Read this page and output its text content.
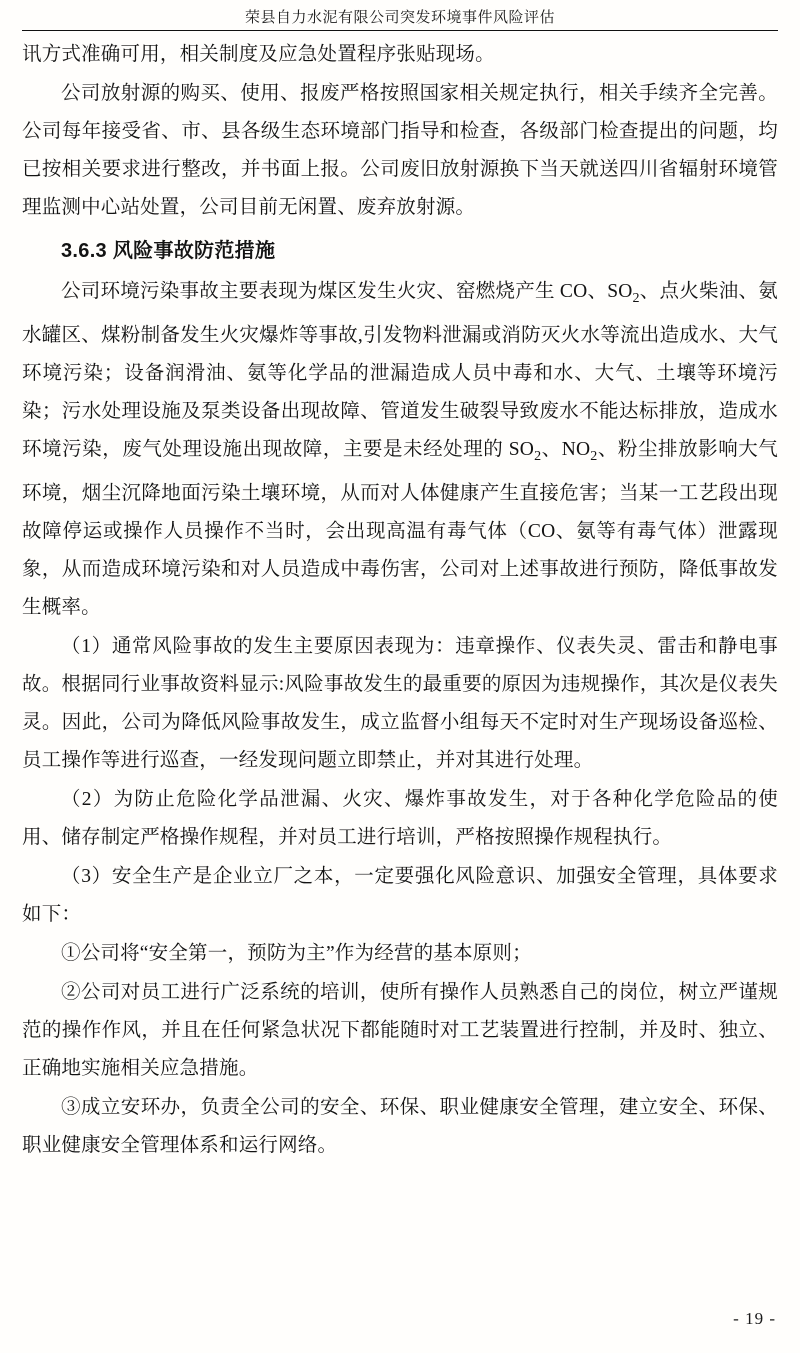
荣县自力水泥有限公司突发环境事件风险评估

讯方式准确可用，相关制度及应急处置程序张贴现场。

公司放射源的购买、使用、报废严格按照国家相关规定执行，相关手续齐全完善。公司每年接受省、市、县各级生态环境部门指导和检查，各级部门检查提出的问题，均已按相关要求进行整改，并书面上报。公司废旧放射源换下当天就送四川省辐射环境管理监测中心站处置，公司目前无闲置、废弃放射源。

3.6.3 风险事故防范措施

公司环境污染事故主要表现为煤区发生火灾、窑燃烧产生 CO、$SO_2$、点火柴油、氨水罐区、煤粉制备发生火灾爆炸等事故,引发物料泄漏或消防灭火水等流出造成水、大气环境污染；设备润滑油、氨等化学品的泄漏造成人员中毒和水、大气、土壤等环境污染；污水处理设施及泵类设备出现故障、管道发生破裂导致废水不能达标排放，造成水环境污染，废气处理设施出现故障，主要是未经处理的 $SO_2$、$NO_2$、粉尘排放影响大气环境，烟尘沉降地面污染土壤环境，从而对人体健康产生直接危害；当某一工艺段出现故障停运或操作人员操作不当时，会出现高温有毒气体（CO、氨等有毒气体）泄露现象，从而造成环境污染和对人员造成中毒伤害，公司对上述事故进行预防，降低事故发生概率。

（1）通常风险事故的发生主要原因表现为：违章操作、仪表失灵、雷击和静电事故。根据同行业事故资料显示:风险事故发生的最重要的原因为违规操作，其次是仪表失灵。因此，公司为降低风险事故发生，成立监督小组每天不定时对生产现场设备巡检、员工操作等进行巡查，一经发现问题立即禁止，并对其进行处理。

（2）为防止危险化学品泄漏、火灾、爆炸事故发生，对于各种化学危险品的使用、储存制定严格操作规程，并对员工进行培训，严格按照操作规程执行。

（3）安全生产是企业立厂之本，一定要强化风险意识、加强安全管理，具体要求如下：

①公司将“安全第一，预防为主”作为经营的基本原则；

②公司对员工进行广泛系统的培训，使所有操作人员熟悉自己的岗位，树立严谨规范的操作作风，并且在任何紧急状况下都能随时对工艺装置进行控制，并及时、独立、正确地实施相关应急措施。

③成立安环办，负责全公司的安全、环保、职业健康安全管理，建立安全、环保、职业健康安全管理体系和运行网络。

- 19 -
